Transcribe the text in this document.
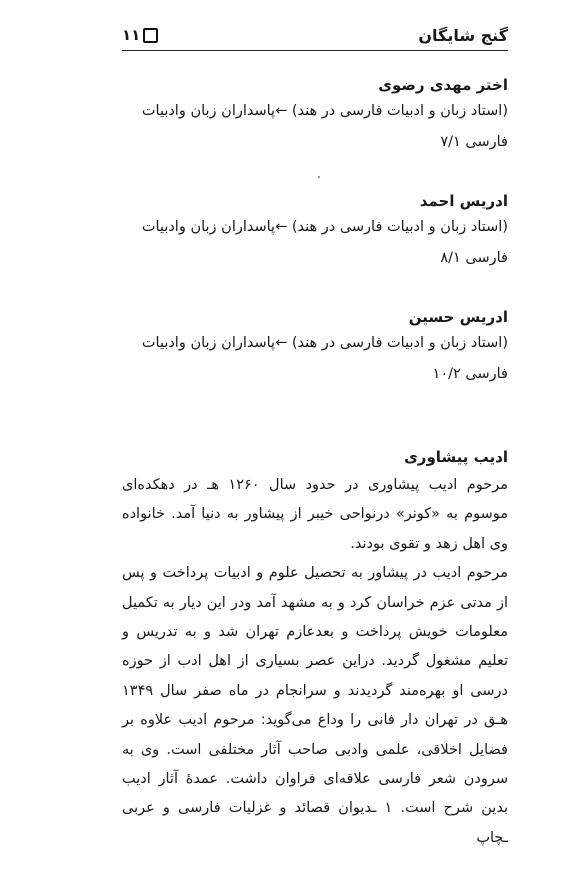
گنج شایگان
۱۱
اختر مهدی رضوی
(استاد زبان و ادبیات فارسی در هند) ←پاسداران زبان وادبیات
فارسی ۷/۱
ادریس احمد
(استاد زبان و ادبیات فارسی در هند) ←پاسداران زبان وادبیات
فارسی ۸/۱
ادریس حسین
(استاد زبان و ادبیات فارسی در هند) ←پاسداران زبان وادبیات
فارسی ۱۰/۲
ادیب پیشاوری

مرحوم ادیب پیشاوری در حدود سال ۱۲۶۰ هـ در دهکده‌ای موسوم به «کونر» درنواحی خیبر از پیشاور به دنیا آمد. خانواده وی اهل زهد و تقوی بودند.

مرحوم ادیب در پیشاور به تحصیل علوم و ادبیات پرداخت و پس از مدتی عزم خراسان کرد و به مشهد آمد ودر این دیار به تکمیل معلومات خویش پرداخت و بعدعازم تهران شد و به تدریس و تعلیم مشغول گردید. دراین عصر بسیاری از اهل ادب از حوزه درسی او بهره‌مند گردیدند و سرانجام در ماه صفر سال ۱۳۴۹ هـق در تهران دار فانی را وداع می‌گوید: مرحوم ادیب علاوه بر فضایل اخلاقی، علمی وادبی صاحب آثار مختلفی است. وی به سرودن شعر فارسی علاقه‌ای فراوان داشت. عمدهٔ آثار ادیب بدین شرح است. ۱ ـدیوان قصائد و غزلیات فارسی و عربی ـچاپ
